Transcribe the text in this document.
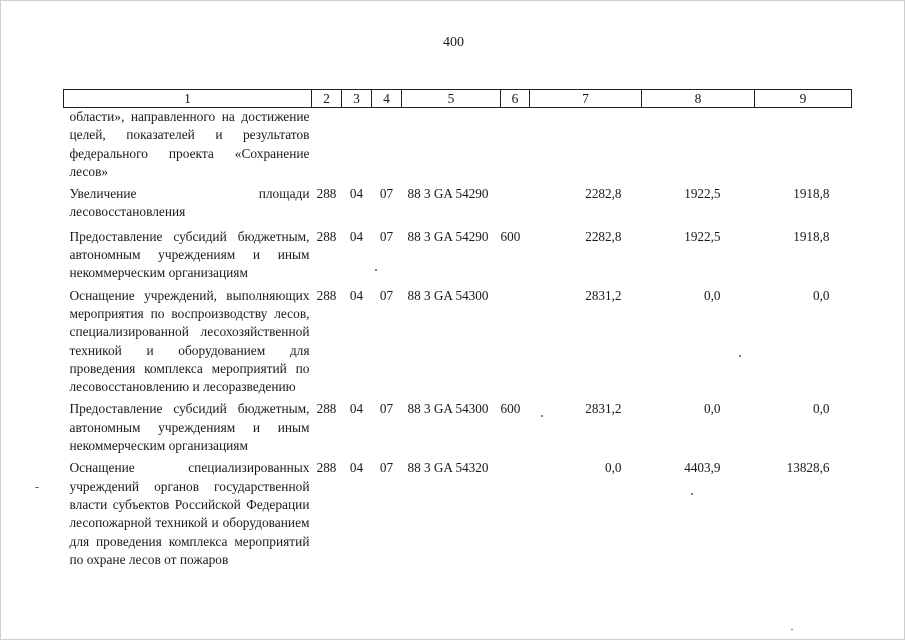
400
1	2	3	4	5	6	7	8	9
области», направленного на достижение целей, показателей и результатов федерального проекта «Сохранение лесов»								
Увеличение площади лесовосстановления	288	04	07	88 3 GA 54290		2282,8	1922,5	1918,8
Предоставление субсидий бюджетным, автономным учреждениям и иным некоммерческим организациям	288	04	07	88 3 GA 54290	600	2282,8	1922,5	1918,8
Оснащение учреждений, выполняющих мероприятия по воспроизводству лесов, специализированной лесохозяйственной техникой и оборудованием для проведения комплекса мероприятий по лесовосстановлению и лесоразведению	288	04	07	88 3 GA 54300		2831,2	0,0	0,0
Предоставление субсидий бюджетным, автономным учреждениям и иным некоммерческим организациям	288	04	07	88 3 GA 54300	600	2831,2	0,0	0,0
Оснащение специализированных учреждений органов государственной власти субъектов Российской Федерации лесопожарной техникой и оборудованием для проведения комплекса мероприятий по охране лесов от пожаров	288	04	07	88 3 GA 54320		0,0	4403,9	13828,6
